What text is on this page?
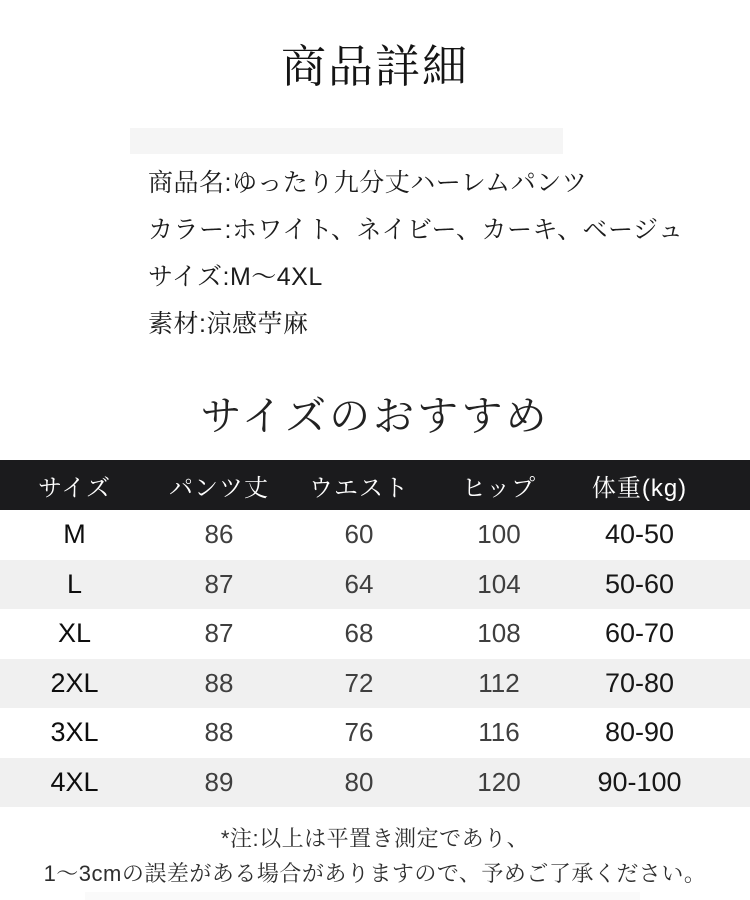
商品詳細
商品名:ゆったり九分丈ハーレムパンツ
カラー:ホワイト、ネイビー、カーキ、ベージュ
サイズ:M〜4XL
素材:涼感苧麻
サイズのおすすめ
サイズ	パンツ丈	ウエスト	ヒップ	体重(kg)
M	86	60	100	40-50
L	87	64	104	50-60
XL	87	68	108	60-70
2XL	88	72	112	70-80
3XL	88	76	116	80-90
4XL	89	80	120	90-100
*注:以上は平置き測定であり、
1〜3cmの誤差がある場合がありますので、予めご了承ください。
